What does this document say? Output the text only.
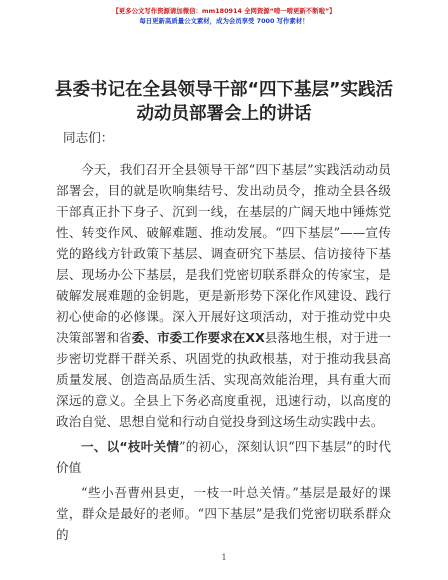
【更多公文写作资源请加微信：mm180914 全网资源“啃一啃更新不断啦”】
每日更新高质量公文素材，成为会员享受 7000 写作素材！
县委书记在全县领导干部“四下基层”实践活
动动员部署会上的讲话

同志们：

今天，我们召开全县领导干部“四下基层”实践活动动员部署会，目的就是吹响集结号、发出动员令，推动全县各级干部真正扑下身子、沉到一线，在基层的广阔天地中锤炼党性、转变作风、破解难题、推动发展。“四下基层”——宣传党的路线方针政策下基层、调查研究下基层、信访接待下基层、现场办公下基层，是我们党密切联系群众的传家宝，是破解发展难题的金钥匙，更是新形势下深化作风建设、践行初心使命的必修课。深入开展好这项活动，对于推动党中央决策部署和省委、市委工作要求在XX县落地生根，对于进一步密切党群干群关系、巩固党的执政根基，对于推动我县高质量发展、创造高品质生活、实现高效能治理，具有重大而深远的意义。全县上下务必高度重视，迅速行动，以高度的政治自觉、思想自觉和行动自觉投身到这场生动实践中去。

一、以“枝叶关情”的初心，深刻认识“四下基层”的时代价值

“些小吾曹州县吏，一枝一叶总关情。”基层是最好的课堂，群众是最好的老师。“四下基层”是我们党密切联系群众的

1
